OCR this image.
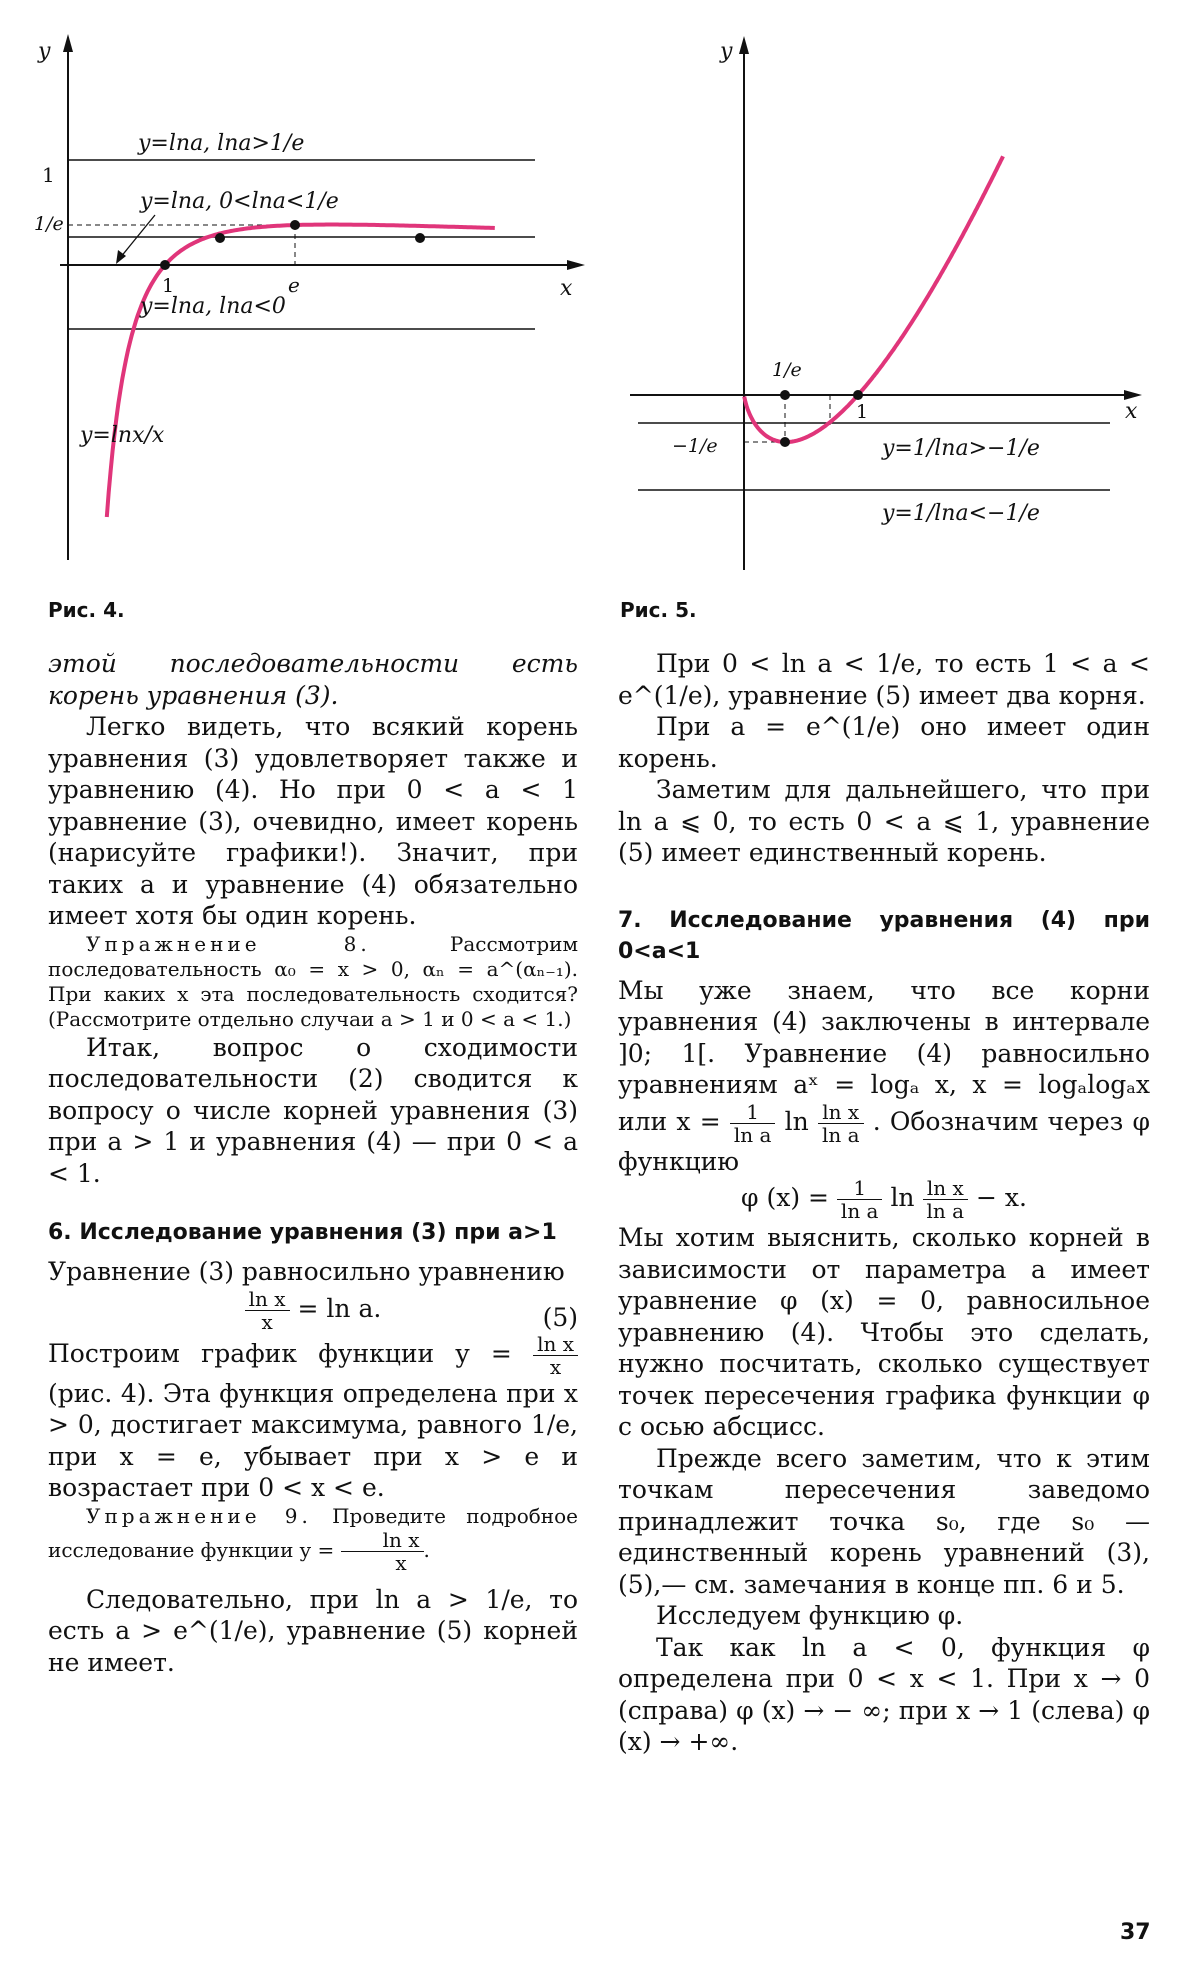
y
x
1
1/e
1	e
y=lna, lna>1/e
y=lna, 0<lna<1/e
y=lna, lna<0
y=lnx/x
Рис. 4.
y
x
1/e
1
−1/e	y=1/lna>−1/e
y=1/lna<−1/e
Рис. 5.

этой последовательности есть корень уравнения (3).

Легко видеть, что всякий корень уравнения (3) удовлетворяет также и уравнению (4). Но при 0 < a < 1 уравнение (3), очевидно, имеет корень (нарисуйте графики!). Значит, при таких a и уравнение (4) обязательно имеет хотя бы один корень.

Упражнение 8.	Рассмотрим последовательность α₀ = x > 0, αₙ = a^(αₙ₋₁). При каких x эта последовательность сходится? (Рассмотрите отдельно случаи a > 1 и 0 < a < 1.)

Итак, вопрос о сходимости последовательности (2) сводится к вопросу о числе корней уравнения (3) при a > 1 и уравнения (4) — при 0 < a < 1.

6. Исследование уравнения (3) при a>1

Уравнение (3) равносильно уравнению

$\frac{\text{ln x}}{x} = \ln a$.	(5)

Построим график функции $y = \frac{\text{ln x}}{x}$
(рис. 4). Эта функция определена при x > 0, достигает максимума, равного 1/e, при x = e, убывает при x > e и возрастает при 0 < x < e.

Упражнение 9. Проведите подробное исследование функции $y = \frac{\text{ln x}}{x}$ .

Следовательно, при ln a > 1/e, то есть a > e^(1/e), уравнение (5) корней не имеет.

При 0 < ln a < 1/e, то есть 1 < a < e^(1/e), уравнение (5) имеет два корня.

При a = e^(1/e) оно имеет один корень.

Заметим для дальнейшего, что при ln a ⩽ 0, то есть 0 < a ⩽ 1, уравнение (5) имеет единственный корень.

7. Исследование уравнения (4) при 0<a<1

Мы уже знаем, что все корни уравнения (4) заключены в интервале ]0; 1[. Уравнение (4) равносильно уравнениям aˣ = logₐ x, x = logₐlogₐx или $x = \frac{1}{\text{ln a}}$ $\ln \frac{\text{ln x}}{\text{ln a}}$ . Обозначим через φ функцию

φ $(x) = \frac{1}{\text{ln a}}$ $\ln \frac{\text{ln x}}{\text{ln a}} - x$.

Мы хотим выяснить, сколько корней в зависимости от параметра a имеет уравнение φ (x) = 0, равносильное уравнению (4). Чтобы это сделать, нужно посчитать, сколько существует точек пересечения графика функции φ с осью абсцисс.

Прежде всего заметим, что к этим точкам пересечения заведомо принадлежит точка s₀, где s₀ — единственный корень уравнений (3), (5),— см. замечания в конце пп. 6 и 5.

Исследуем функцию φ.

Так как ln a < 0, функция φ определена при 0 < x < 1. При x → 0 (справа) φ (x) → − ∞; при x → 1 (слева) φ (x) → +∞.

37
